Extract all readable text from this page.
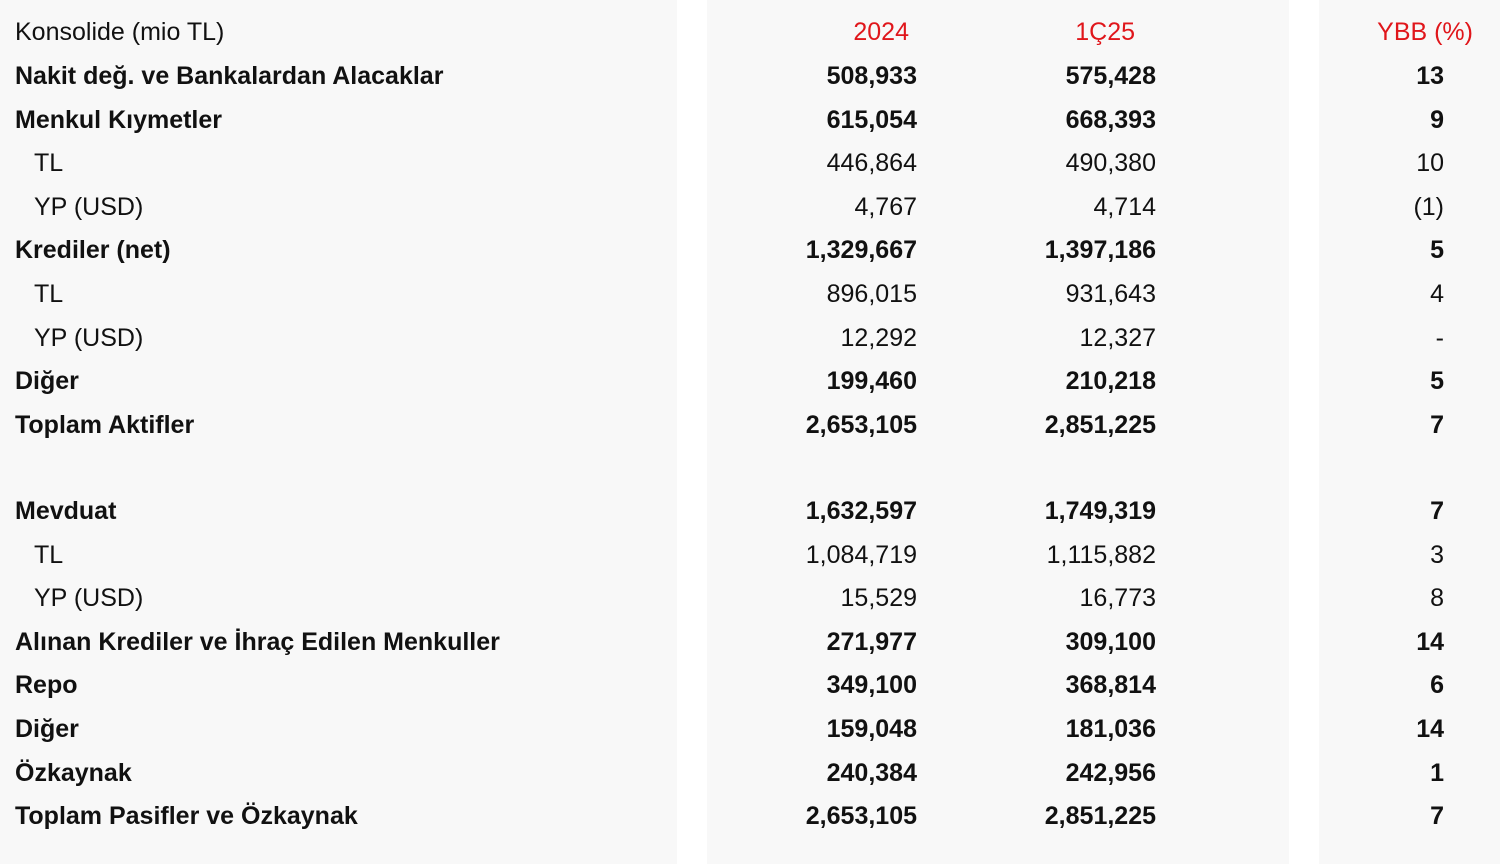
Konsolide (mio TL)	2024	1Ç25	YBB (%)
Nakit değ. ve Bankalardan Alacaklar	508,933	575,428	13
Menkul Kıymetler	615,054	668,393	9
TL	446,864	490,380	10
YP (USD)	4,767	4,714	(1)
Krediler (net)	1,329,667	1,397,186	5
TL	896,015	931,643	4
YP (USD)	12,292	12,327	-
Diğer	199,460	210,218	5
Toplam Aktifler	2,653,105	2,851,225	7
Mevduat	1,632,597	1,749,319	7
TL	1,084,719	1,115,882	3
YP (USD)	15,529	16,773	8
Alınan Krediler ve İhraç Edilen Menkuller	271,977	309,100	14
Repo	349,100	368,814	6
Diğer	159,048	181,036	14
Özkaynak	240,384	242,956	1
Toplam Pasifler ve Özkaynak	2,653,105	2,851,225	7
